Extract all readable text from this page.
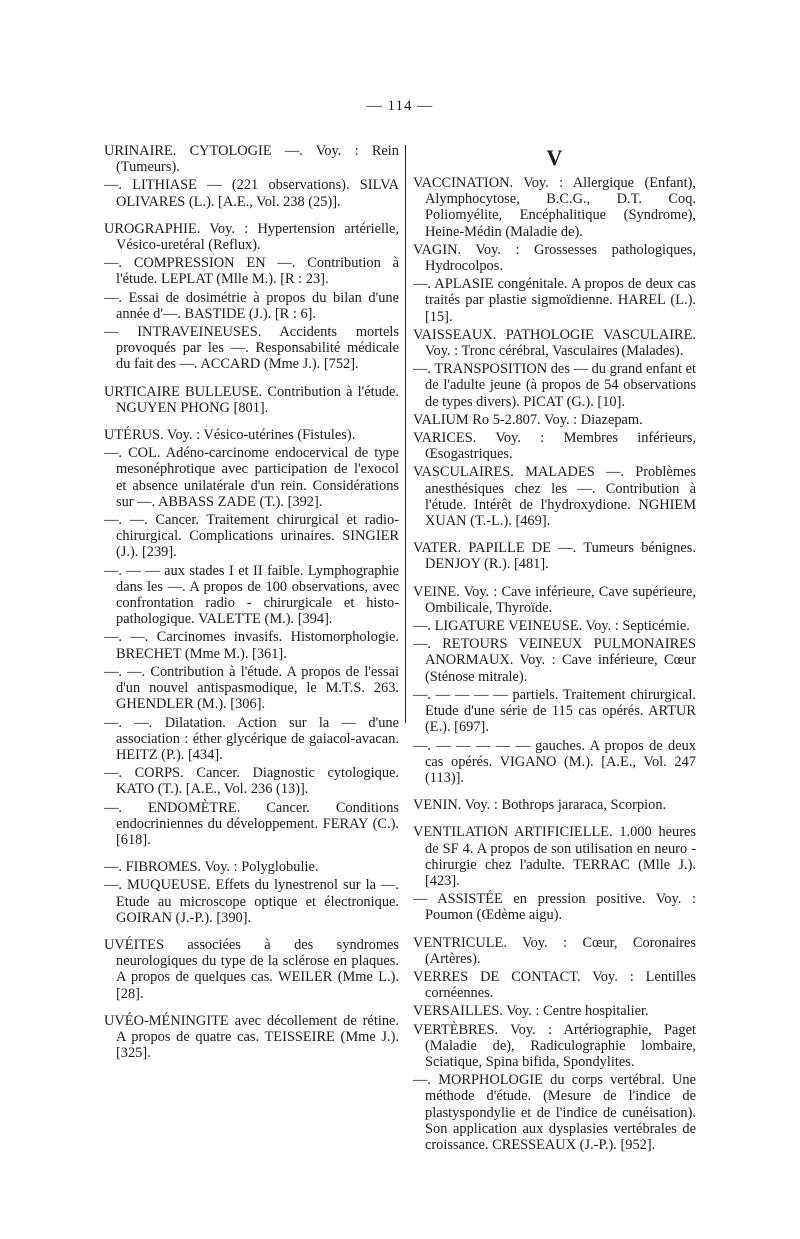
— 114 —

URINAIRE. CYTOLOGIE —. Voy. : Rein (Tumeurs).

—. LITHIASE — (221 observations). SILVA OLIVARES (L.). [A.E., Vol. 238 (25)].

UROGRAPHIE. Voy. : Hypertension artérielle, Vésico-uretéral (Reflux).

—. COMPRESSION EN —. Contribution à l'étude. LEPLAT (Mlle M.). [R : 23].

—. Essai de dosimétrie à propos du bilan d'une année d'—. BASTIDE (J.). [R : 6].

— INTRAVEINEUSES. Accidents mortels provoqués par les —. Responsabilité médicale du fait des —. ACCARD (Mme J.). [752].

URTICAIRE BULLEUSE. Contribution à l'étude. NGUYEN PHONG [801].

UTÉRUS. Voy. : Vésico-utérines (Fistules).

—. COL. Adéno-carcinome endocervical de type mesonéphrotique avec participation de l'exocol et absence unilatérale d'un rein. Considérations sur —. ABBASS ZADE (T.). [392].

—. —. Cancer. Traitement chirurgical et radio-chirurgical. Complications urinaires. SINGIER (J.). [239].

—. — — aux stades I et II faible. Lymphographie dans les —. A propos de 100 observations, avec confrontation radio - chirurgicale et histo-pathologique. VALETTE (M.). [394].

—. —. Carcinomes invasifs. Histomorphologie. BRECHET (Mme M.). [361].

—. —. Contribution à l'étude. A propos de l'essai d'un nouvel antispasmodique, le M.T.S. 263. GHENDLER (M.). [306].

—. —. Dilatation. Action sur la — d'une association : éther glycérique de gaiacol-avacan. HEITZ (P.). [434].

—. CORPS. Cancer. Diagnostic cytologique. KATO (T.). [A.E., Vol. 236 (13)].

—. ENDOMÈTRE. Cancer. Conditions endocriniennes du développement. FERAY (C.). [618].

—. FIBROMES. Voy. : Polyglobulie.

—. MUQUEUSE. Effets du lynestrenol sur la —. Etude au microscope optique et électronique. GOIRAN (J.-P.). [390].

UVÉITES associées à des syndromes neurologiques du type de la sclérose en plaques. A propos de quelques cas. WEILER (Mme L.). [28].

UVÉO-MÉNINGITE avec décollement de rétine. A propos de quatre cas. TEISSEIRE (Mme J.). [325].

V

VACCINATION. Voy. : Allergique (Enfant), Alymphocytose, B.C.G., D.T. Coq. Poliomyélite, Encéphalitique (Syndrome), Heine-Médin (Maladie de).

VAGIN. Voy. : Grossesses pathologiques, Hydrocolpos.

—. APLASIE congénitale. A propos de deux cas traités par plastie sigmoïdienne. HAREL (L.). [15].

VAISSEAUX. PATHOLOGIE VASCULAIRE. Voy. : Tronc cérébral, Vasculaires (Malades).

—. TRANSPOSITION des — du grand enfant et de l'adulte jeune (à propos de 54 observations de types divers). PICAT (G.). [10].

VALIUM Ro 5-2.807. Voy. : Diazepam.

VARICES. Voy. : Membres inférieurs, Œsogastriques.

VASCULAIRES. MALADES —. Problèmes anesthésiques chez les —. Contribution à l'étude. Intérêt de l'hydroxydione. NGHIEM XUAN (T.-L.). [469].

VATER. PAPILLE DE —. Tumeurs bénignes. DENJOY (R.). [481].

VEINE. Voy. : Cave inférieure, Cave supérieure, Ombilicale, Thyroïde.

—. LIGATURE VEINEUSE. Voy. : Septicémie.

—. RETOURS VEINEUX PULMONAIRES ANORMAUX. Voy. : Cave inférieure, Cœur (Sténose mitrale).

—. — — — — partiels. Traitement chirurgical. Etude d'une série de 115 cas opérés. ARTUR (E.). [697].

—. — — — — — gauches. A propos de deux cas opérés. VIGANO (M.). [A.E., Vol. 247 (113)].

VENIN. Voy. : Bothrops jararaca, Scorpion.

VENTILATION ARTIFICIELLE. 1.000 heures de SF 4. A propos de son utilisation en neuro - chirurgie chez l'adulte. TERRAC (Mlle J.). [423].

— ASSISTÉE en pression positive. Voy. : Poumon (Œdème aigu).

VENTRICULE. Voy. : Cœur, Coronaires (Artères).

VERRES DE CONTACT. Voy. : Lentilles cornéennes.

VERSAILLES. Voy. : Centre hospitalier.

VERTÈBRES. Voy. : Artériographie, Paget (Maladie de), Radiculographie lombaire, Sciatique, Spina bifida, Spondylites.

—. MORPHOLOGIE du corps vertébral. Une méthode d'étude. (Mesure de l'indice de plastyspondylie et de l'indice de cunéisation). Son application aux dysplasies vertébrales de croissance. CRESSEAUX (J.-P.). [952].
